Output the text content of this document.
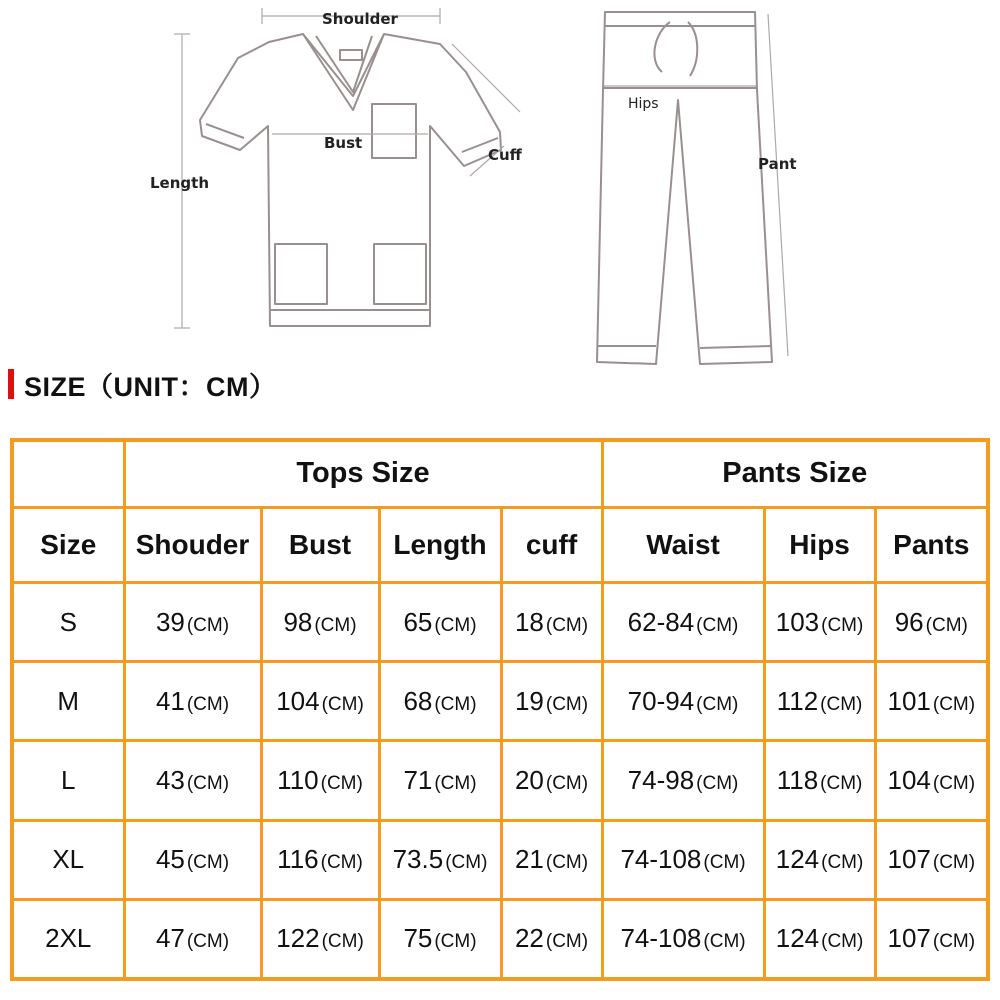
Shoulder
Bust
Cuff
Length
Hips
Pant
SIZE（UNIT：CM）
	Tops Size				Pants Size		
Size	Shouder	Bust	Length	cuff	Waist	Hips	Pants
S	39 (CM)	98 (CM)	65 (CM)	18 (CM)	62-84 (CM)	103 (CM)	96 (CM)
M	41 (CM)	104 (CM)	68 (CM)	19 (CM)	70-94 (CM)	112 (CM)	101 (CM)
L	43 (CM)	110 (CM)	71 (CM)	20 (CM)	74-98 (CM)	118 (CM)	104 (CM)
XL	45 (CM)	116 (CM)	73.5 (CM)	21 (CM)	74-108 (CM)	124 (CM)	107 (CM)
2XL	47 (CM)	122 (CM)	75 (CM)	22 (CM)	74-108 (CM)	124 (CM)	107 (CM)
